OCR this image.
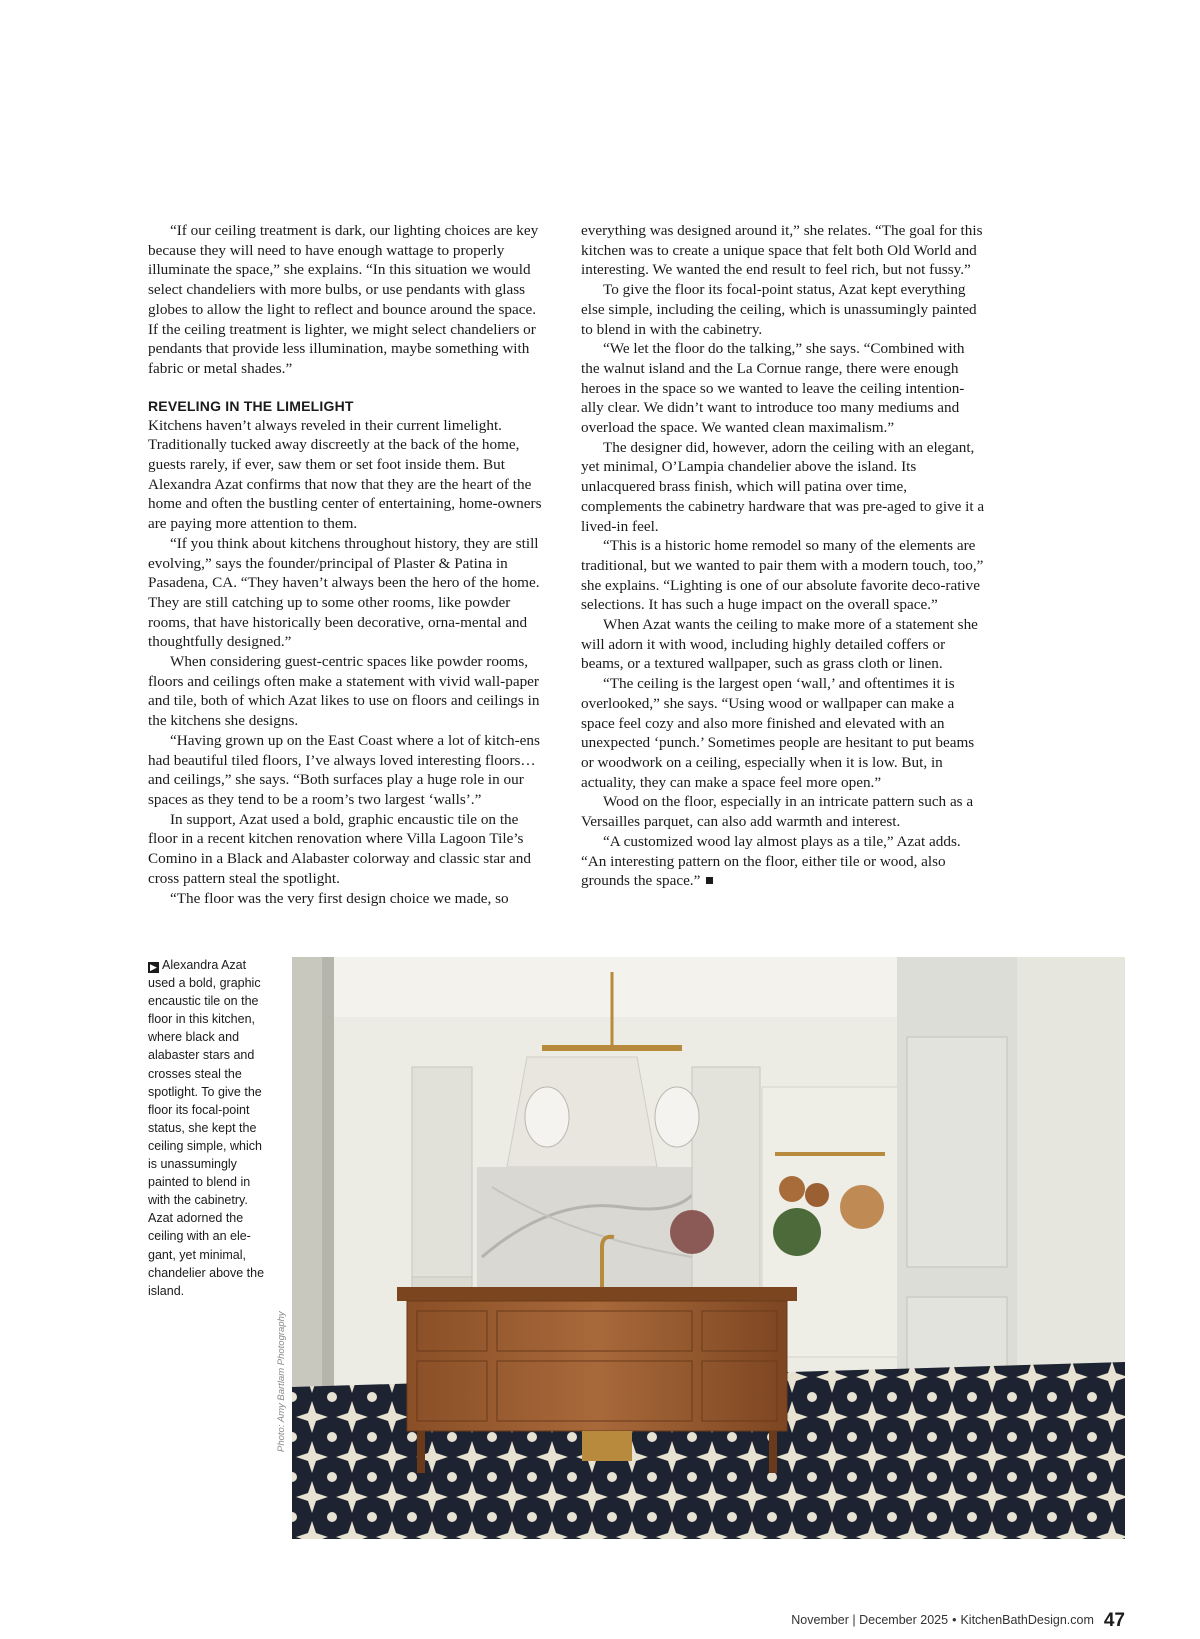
“If our ceiling treatment is dark, our lighting choices are key because they will need to have enough wattage to properly illuminate the space,” she explains. “In this situation we would select chandeliers with more bulbs, or use pendants with glass globes to allow the light to reflect and bounce around the space. If the ceiling treatment is lighter, we might select chandeliers or pendants that provide less illumination, maybe something with fabric or metal shades.”

REVELING IN THE LIMELIGHT

Kitchens haven’t always reveled in their current limelight. Traditionally tucked away discreetly at the back of the home, guests rarely, if ever, saw them or set foot inside them. But Alexandra Azat confirms that now that they are the heart of the home and often the bustling center of entertaining, home-owners are paying more attention to them.

“If you think about kitchens throughout history, they are still evolving,” says the founder/principal of Plaster & Patina in Pasadena, CA. “They haven’t always been the hero of the home. They are still catching up to some other rooms, like powder rooms, that have historically been decorative, orna-mental and thoughtfully designed.”

When considering guest-centric spaces like powder rooms, floors and ceilings often make a statement with vivid wall-paper and tile, both of which Azat likes to use on floors and ceilings in the kitchens she designs.

“Having grown up on the East Coast where a lot of kitch-ens had beautiful tiled floors, I’ve always loved interesting floors…and ceilings,” she says. “Both surfaces play a huge role in our spaces as they tend to be a room’s two largest ‘walls’.”

In support, Azat used a bold, graphic encaustic tile on the floor in a recent kitchen renovation where Villa Lagoon Tile’s Comino in a Black and Alabaster colorway and classic star and cross pattern steal the spotlight.

“The floor was the very first design choice we made, so

everything was designed around it,” she relates. “The goal for this kitchen was to create a unique space that felt both Old World and interesting. We wanted the end result to feel rich, but not fussy.”

To give the floor its focal-point status, Azat kept everything else simple, including the ceiling, which is unassumingly painted to blend in with the cabinetry.

“We let the floor do the talking,” she says. “Combined with the walnut island and the La Cornue range, there were enough heroes in the space so we wanted to leave the ceiling intention-ally clear. We didn’t want to introduce too many mediums and overload the space. We wanted clean maximalism.”

The designer did, however, adorn the ceiling with an elegant, yet minimal, O’Lampia chandelier above the island. Its unlacquered brass finish, which will patina over time, complements the cabinetry hardware that was pre-aged to give it a lived-in feel.

“This is a historic home remodel so many of the elements are traditional, but we wanted to pair them with a modern touch, too,” she explains. “Lighting is one of our absolute favorite deco-rative selections. It has such a huge impact on the overall space.”

When Azat wants the ceiling to make more of a statement she will adorn it with wood, including highly detailed coffers or beams, or a textured wallpaper, such as grass cloth or linen.

“The ceiling is the largest open ‘wall,’ and oftentimes it is overlooked,” she says. “Using wood or wallpaper can make a space feel cozy and also more finished and elevated with an unexpected ‘punch.’ Sometimes people are hesitant to put beams or woodwork on a ceiling, especially when it is low. But, in actuality, they can make a space feel more open.”

Wood on the floor, especially in an intricate pattern such as a Versailles parquet, can also add warmth and interest.

“A customized wood lay almost plays as a tile,” Azat adds. “An interesting pattern on the floor, either tile or wood, also grounds the space.”

▶ Alexandra Azat used a bold, graphic encaustic tile on the floor in this kitchen, where black and alabaster stars and crosses steal the spotlight. To give the floor its focal-point status, she kept the ceiling simple, which is unassumingly painted to blend in with the cabinetry. Azat adorned the ceiling with an ele-gant, yet minimal, chandelier above the island.
Photo: Amy Bartlam Photography
November | December 2025 • KitchenBathDesign.com 47
